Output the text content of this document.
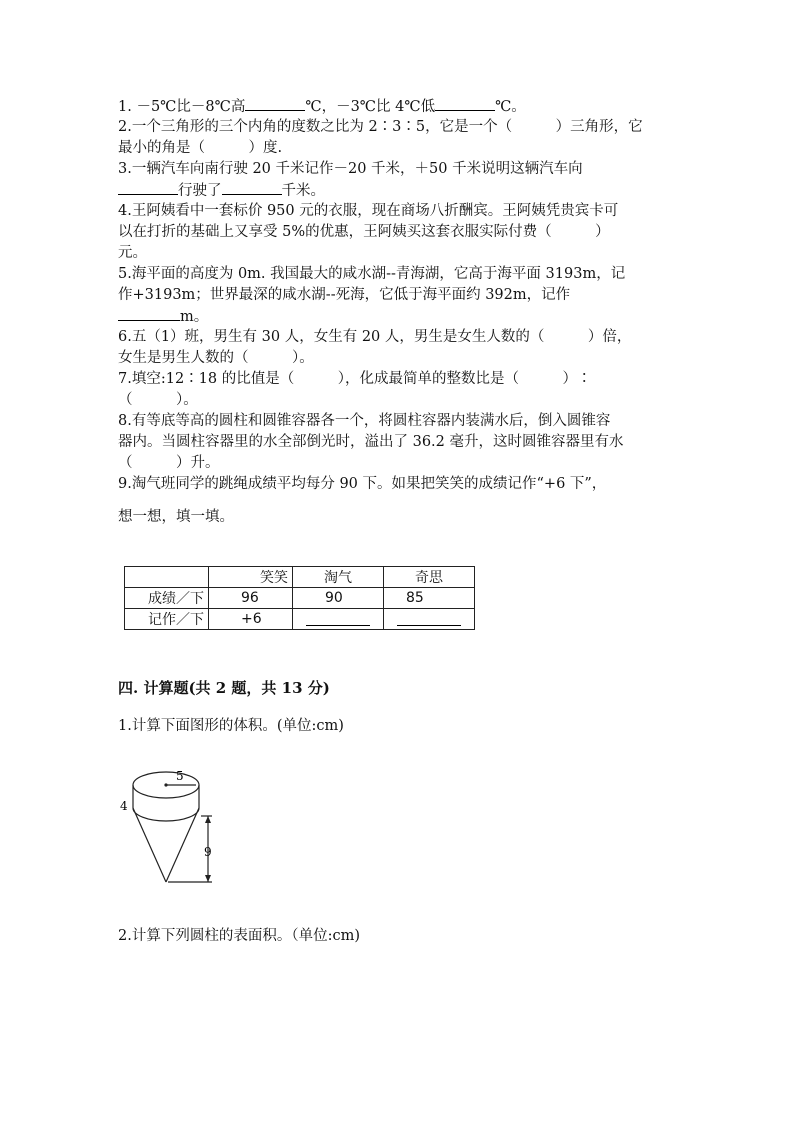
1. －5℃比－8℃高	℃，－3℃比 4℃低	℃。
2.一个三角形的三个内角的度数之比为 2∶3∶5，它是一个（　　　）三角形，它
最小的角是（　　　）度.
3.一辆汽车向南行驶 20 千米记作－20 千米，＋50 千米说明这辆汽车向
行驶了	千米。
4.王阿姨看中一套标价 950 元的衣服，现在商场八折酬宾。王阿姨凭贵宾卡可
以在打折的基础上又享受 5%的优惠，王阿姨买这套衣服实际付费（　　　）
元。
5.海平面的高度为 0m. 我国最大的咸水湖--青海湖，它高于海平面 3193m，记
作+3193m；世界最深的咸水湖--死海，它低于海平面约 392m，记作
m。
6.五（1）班，男生有 30 人，女生有 20 人，男生是女生人数的（　　　）倍，
女生是男生人数的（　　　）。
7.填空:12∶18 的比值是（　　　），化成最简单的整数比是（　　　）∶
（　　　）。
8.有等底等高的圆柱和圆锥容器各一个，将圆柱容器内装满水后，倒入圆锥容
器内。当圆柱容器里的水全部倒光时，溢出了 36.2 毫升，这时圆锥容器里有水
（　　　）升。
9.淘气班同学的跳绳成绩平均每分 90 下。如果把笑笑的成绩记作“+6 下”，
想一想，填一填。
	笑笑	淘气	奇思
成绩／下	96	90	85
记作／下	+6	

四. 计算题(共 2 题，共 13 分)
1.计算下面图形的体积。(单位:cm)
5
4
9
2.计算下列圆柱的表面积。（单位:cm)
